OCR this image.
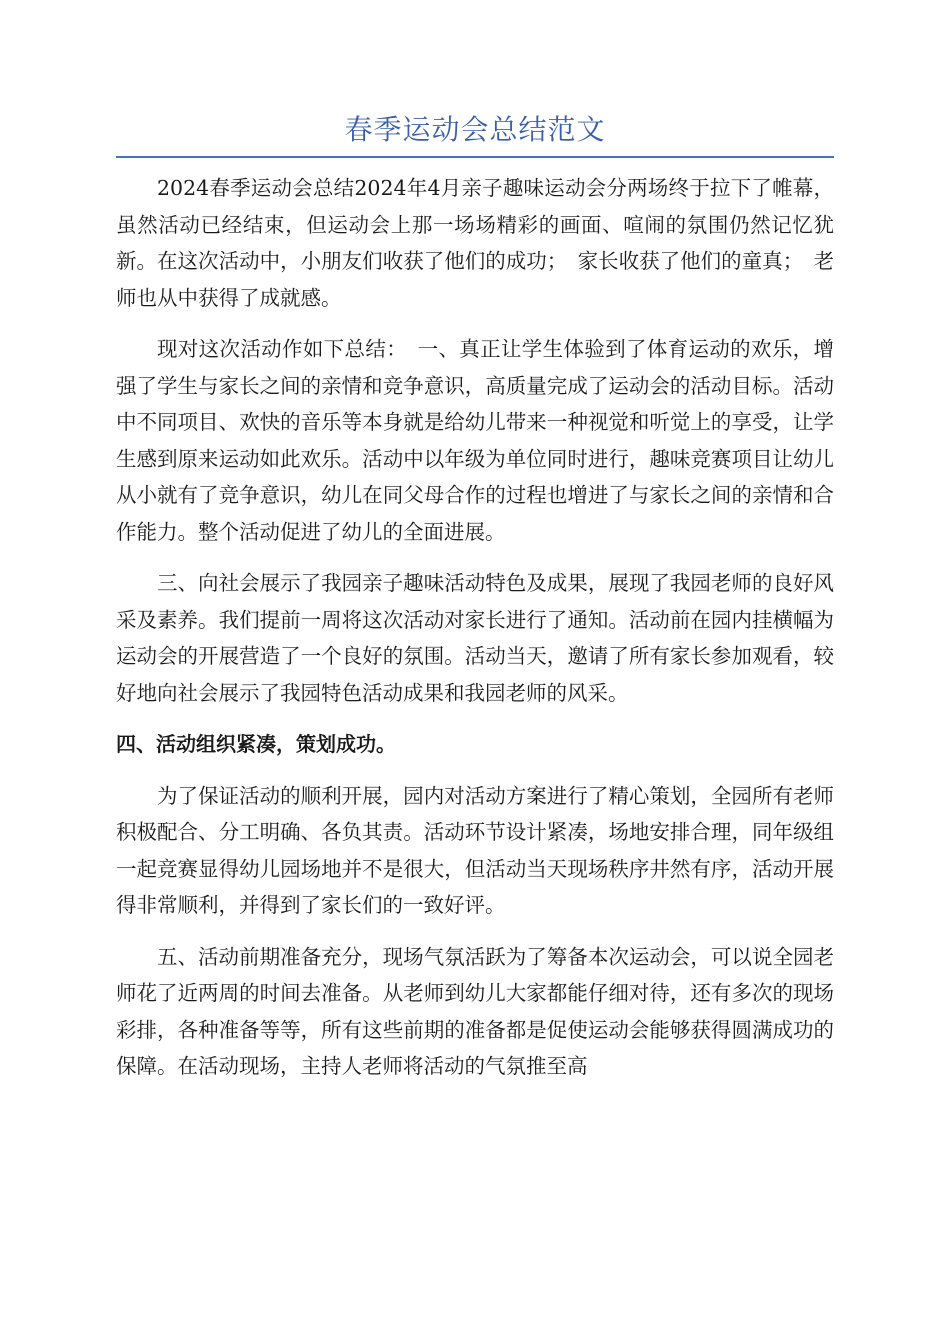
春季运动会总结范文

2024春季运动会总结2024年4月亲子趣味运动会分两场终于拉下了帷幕，虽然活动已经结束，但运动会上那一场场精彩的画面、喧闹的氛围仍然记忆犹新。在这次活动中，小朋友们收获了他们的成功；　家长收获了他们的童真；　老师也从中获得了成就感。

现对这次活动作如下总结：　一、真正让学生体验到了体育运动的欢乐，增强了学生与家长之间的亲情和竞争意识，高质量完成了运动会的活动目标。活动中不同项目、欢快的音乐等本身就是给幼儿带来一种视觉和听觉上的享受，让学生感到原来运动如此欢乐。活动中以年级为单位同时进行，趣味竞赛项目让幼儿从小就有了竞争意识，幼儿在同父母合作的过程也增进了与家长之间的亲情和合作能力。整个活动促进了幼儿的全面进展。

三、向社会展示了我园亲子趣味活动特色及成果，展现了我园老师的良好风采及素养。我们提前一周将这次活动对家长进行了通知。活动前在园内挂横幅为运动会的开展营造了一个良好的氛围。活动当天，邀请了所有家长参加观看，较好地向社会展示了我园特色活动成果和我园老师的风采。

四、活动组织紧凑，策划成功。

为了保证活动的顺利开展，园内对活动方案进行了精心策划，全园所有老师积极配合、分工明确、各负其责。活动环节设计紧凑，场地安排合理，同年级组一起竞赛显得幼儿园场地并不是很大，但活动当天现场秩序井然有序，活动开展得非常顺利，并得到了家长们的一致好评。

五、活动前期准备充分，现场气氛活跃为了筹备本次运动会，可以说全园老师花了近两周的时间去准备。从老师到幼儿大家都能仔细对待，还有多次的现场彩排，各种准备等等，所有这些前期的准备都是促使运动会能够获得圆满成功的保障。在活动现场，主持人老师将活动的气氛推至高
